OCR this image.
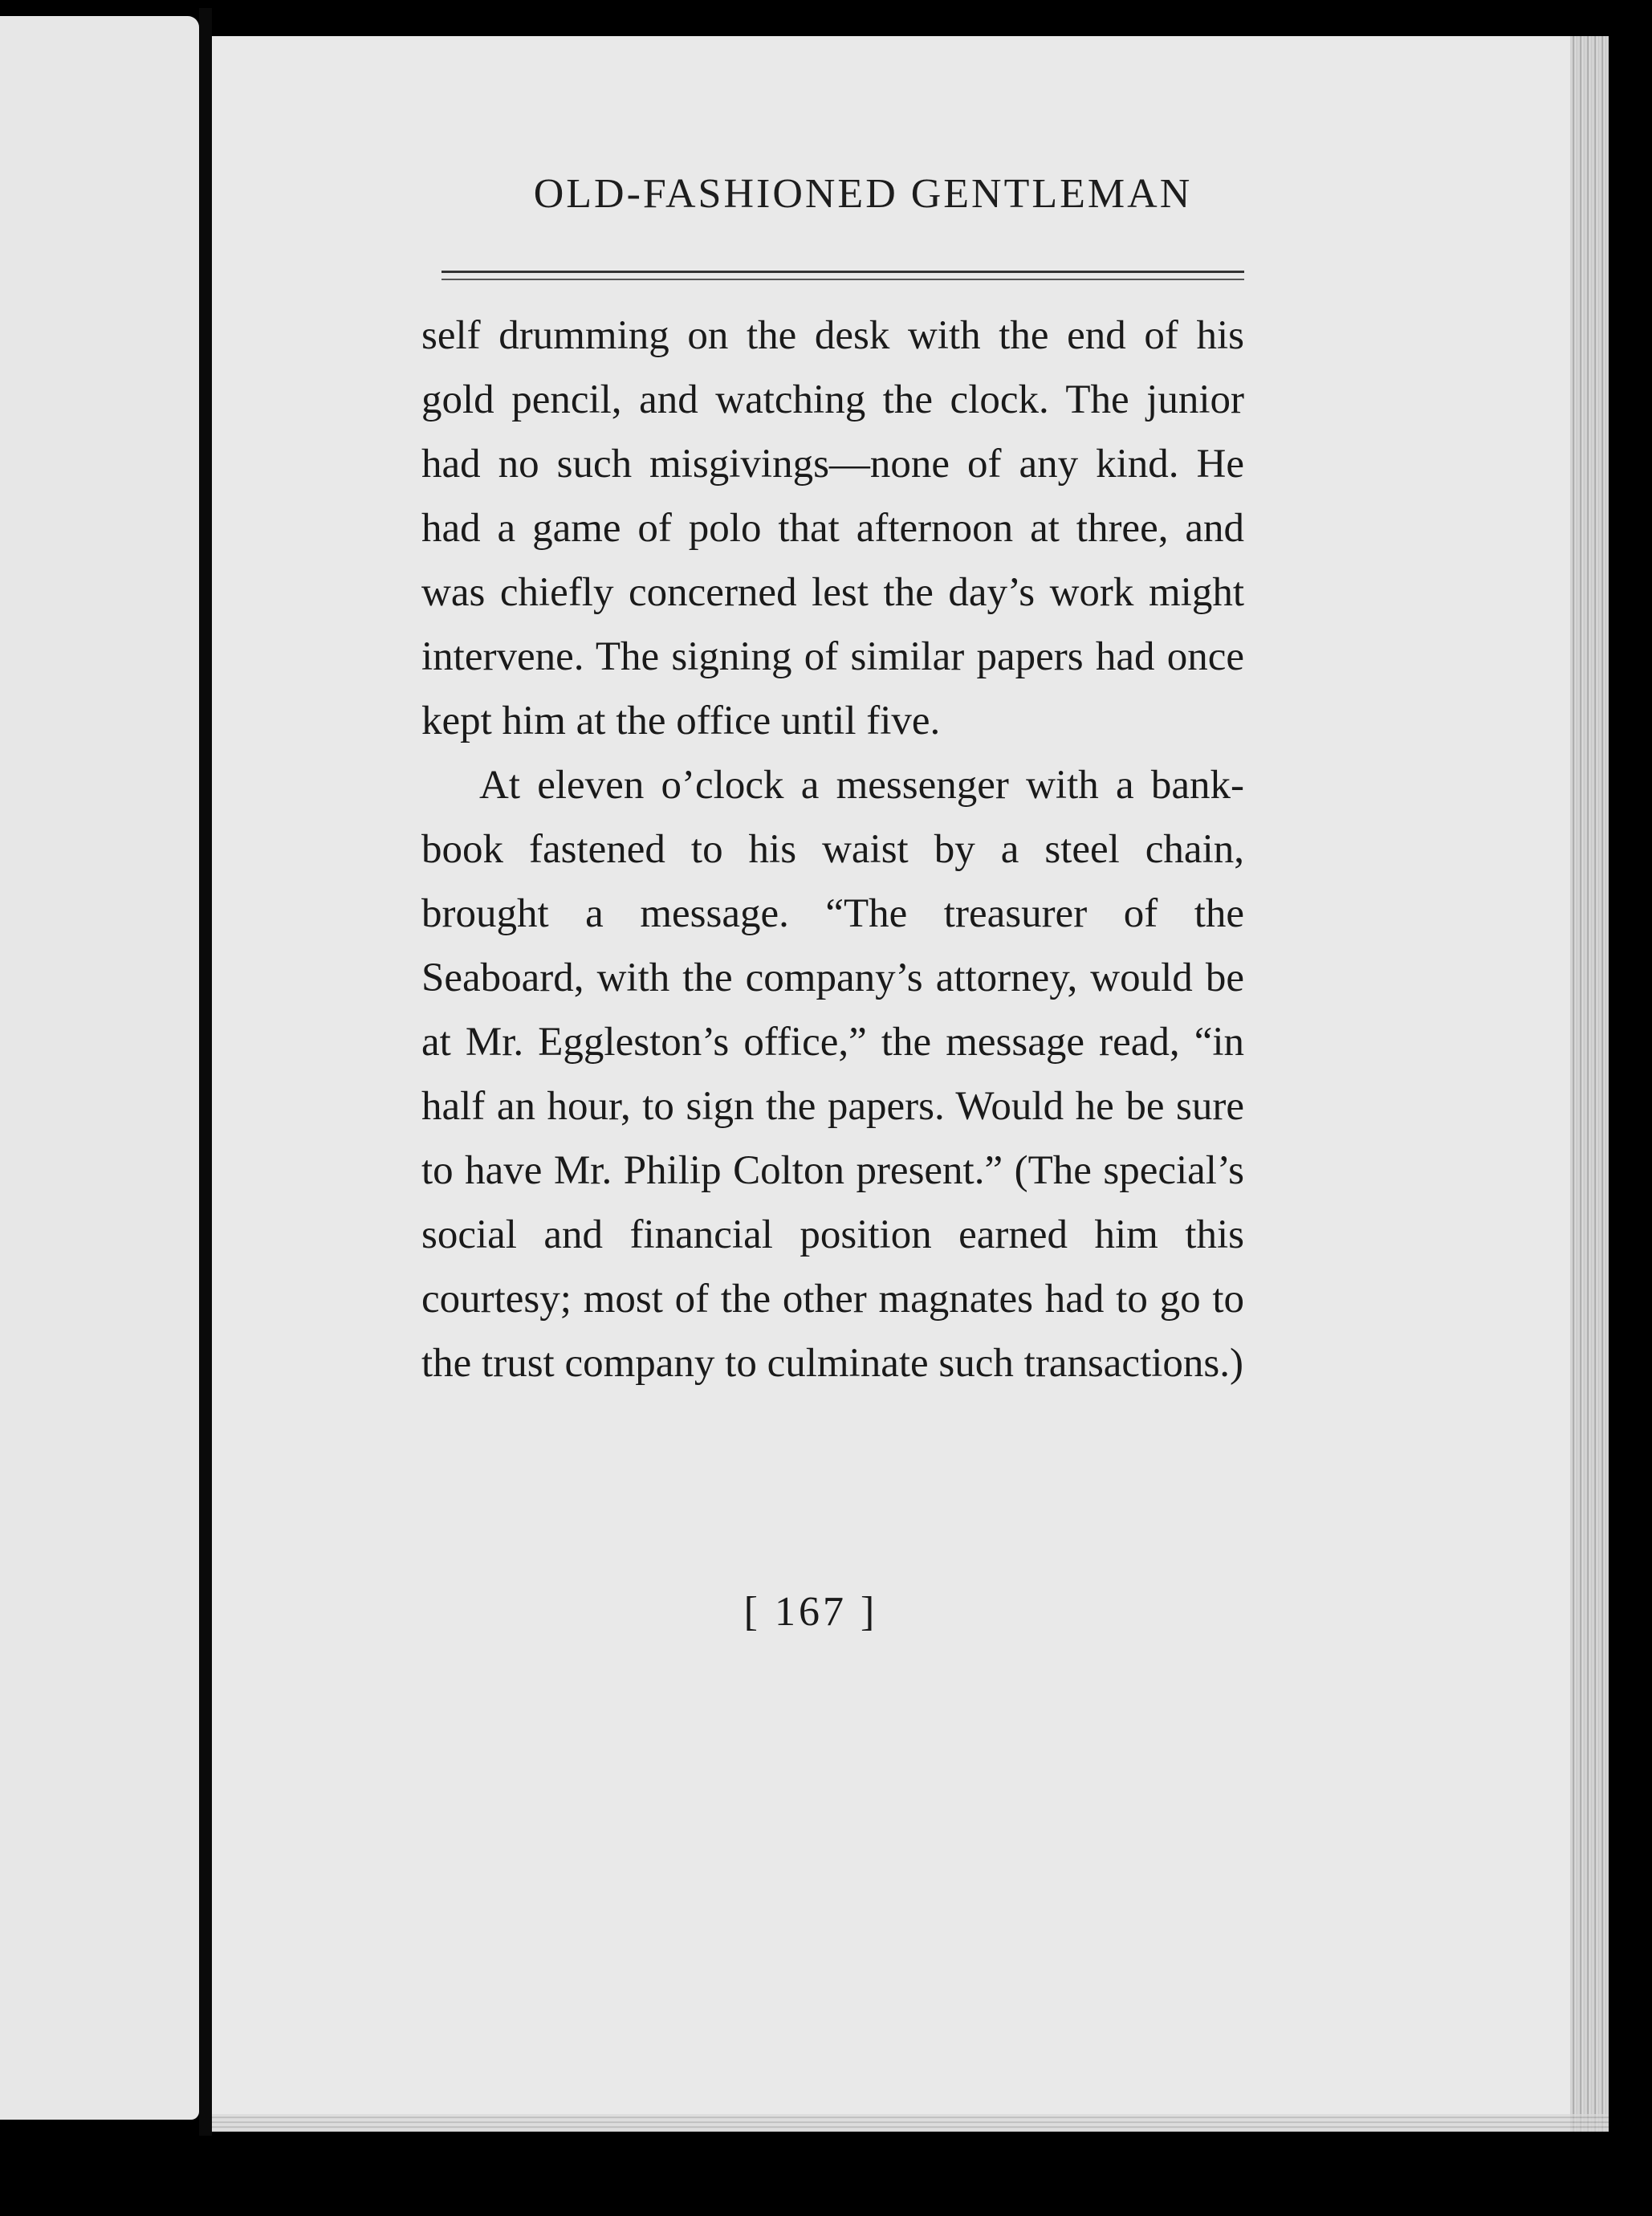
OLD-FASHIONED GENTLEMAN

self drumming on the desk with the end of his gold pencil, and watching the clock. The junior had no such misgivings—none of any kind. He had a game of polo that afternoon at three, and was chiefly concerned lest the day’s work might intervene. The signing of similar papers had once kept him at the office until five.

At eleven o’clock a messenger with a bank-book fastened to his waist by a steel chain, brought a message. “The treasurer of the Seaboard, with the company’s attorney, would be at Mr. Eggleston’s office,” the message read, “in half an hour, to sign the papers. Would he be sure to have Mr. Philip Colton present.” (The special’s social and financial position earned him this courtesy; most of the other magnates had to go to the trust company to culminate such transactions.)

[ 167 ]
